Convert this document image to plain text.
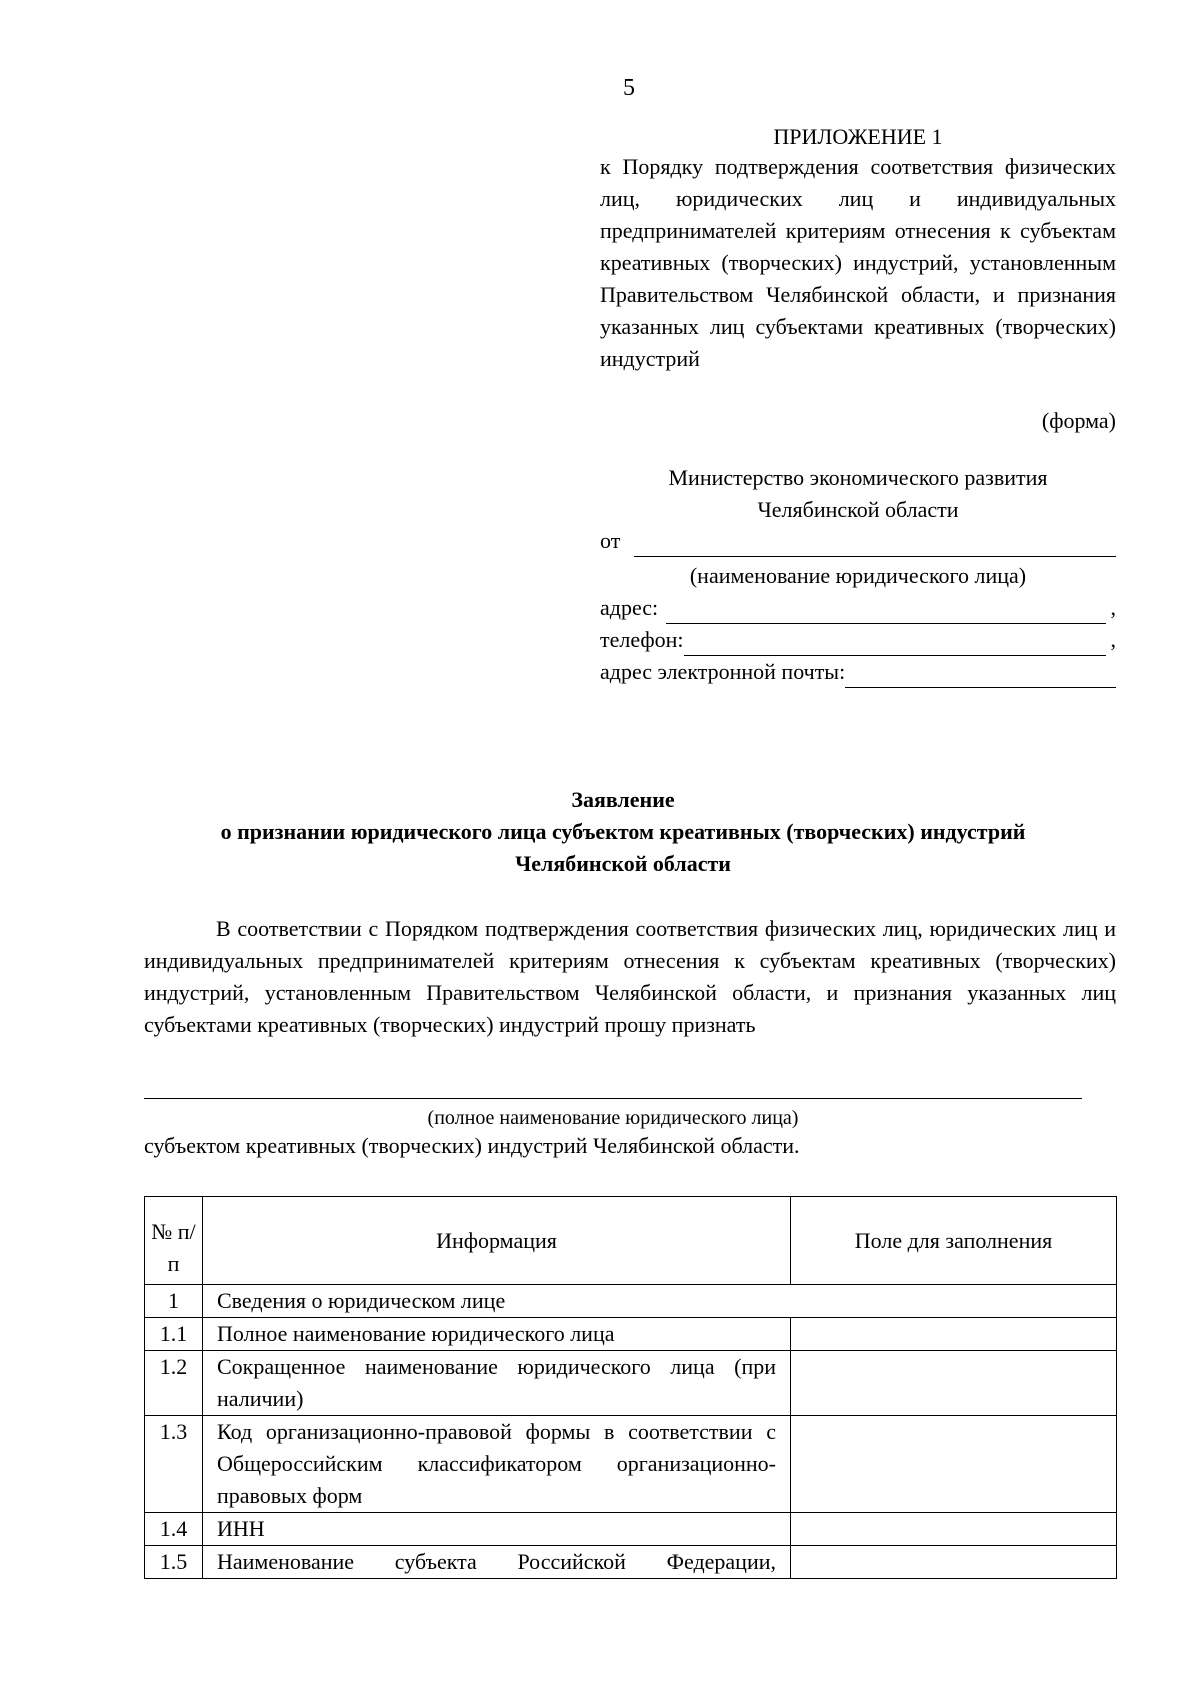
5
ПРИЛОЖЕНИЕ 1
к Порядку подтверждения соответствия физических лиц, юридических лиц и индивидуальных предпринимателей критериям отнесения к субъектам креативных (творческих) индустрий, установленным Правительством Челябинской области, и признания указанных лиц субъектами креативных (творческих) индустрий
(форма)
Министерство экономического развития
Челябинской области
от
(наименование юридического лица)
адрес:	,
телефон:	,
адрес электронной почты:
Заявление
о признании юридического лица субъектом креативных (творческих) индустрий
Челябинской области
В соответствии с Порядком подтверждения соответствия физических лиц, юридических лиц и индивидуальных предпринимателей критериям отнесения к субъектам креативных (творческих) индустрий, установленным Правительством Челябинской области, и признания указанных лиц субъектами креативных (творческих) индустрий прошу признать
(полное наименование юридического лица)
субъектом креативных (творческих) индустрий Челябинской области.
№ п/п	Информация	Поле для заполнения
1	Сведения о юридическом лице	
1.1	Полное наименование юридического лица	
1.2	Сокращенное наименование юридического лица (при наличии)	
1.3	Код организационно-правовой формы в соответствии с Общероссийским классификатором организационно-правовых форм	
1.4	ИНН	
1.5	Наименование субъекта Российской Федерации,	
